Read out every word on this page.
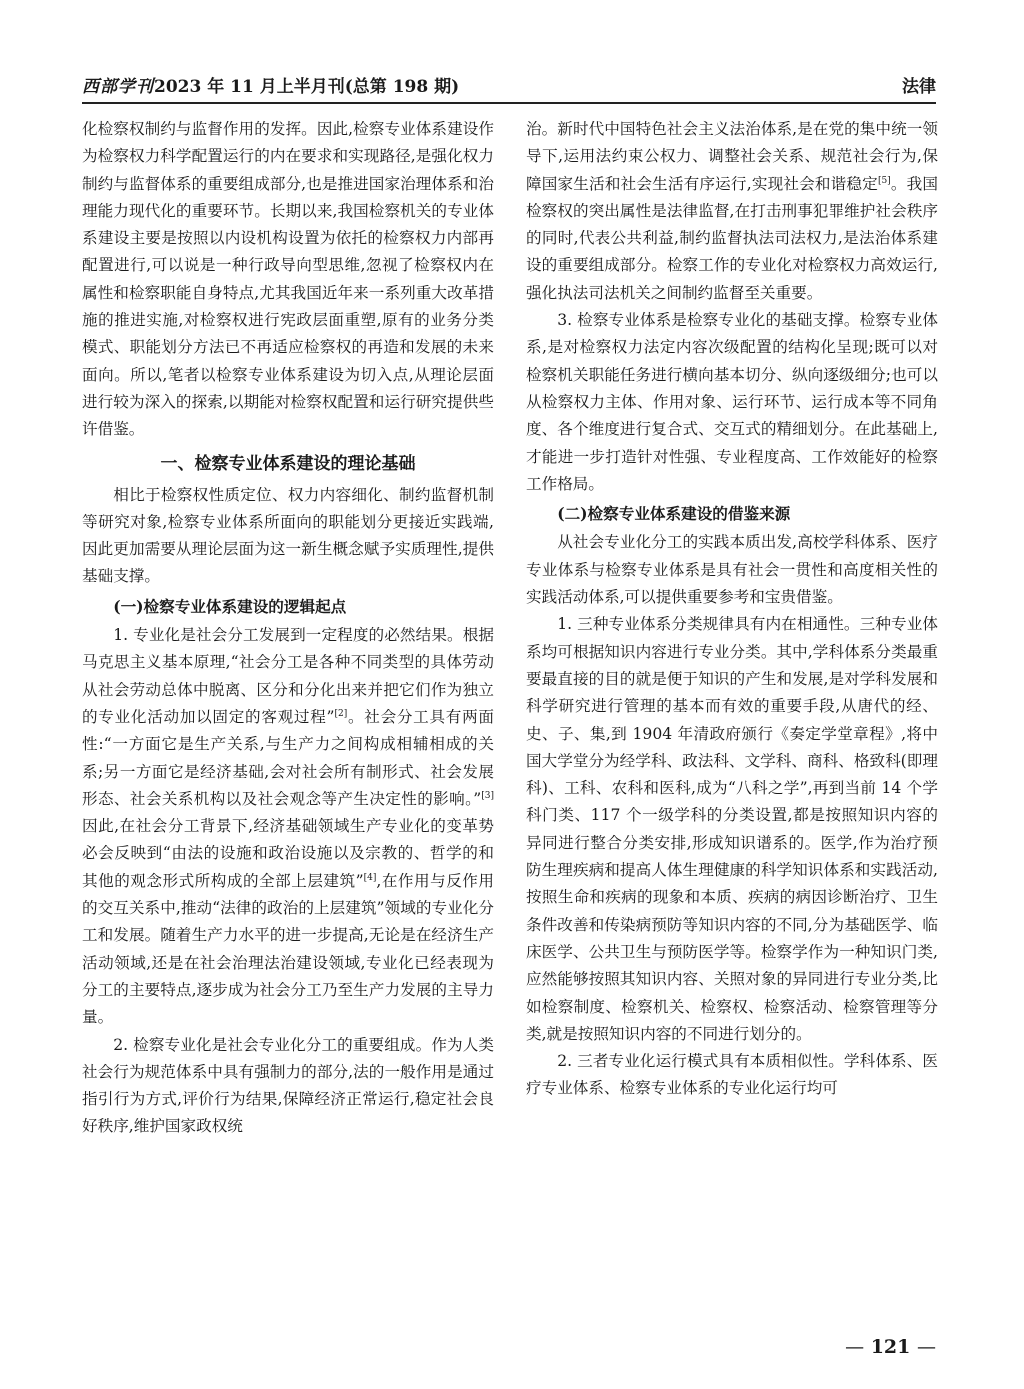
西部学刊2023 年 11 月上半月刊(总第 198 期)	法律

化检察权制约与监督作用的发挥。因此,检察专业体系建设作为检察权力科学配置运行的内在要求和实现路径,是强化权力制约与监督体系的重要组成部分,也是推进国家治理体系和治理能力现代化的重要环节。长期以来,我国检察机关的专业体系建设主要是按照以内设机构设置为依托的检察权力内部再配置进行,可以说是一种行政导向型思维,忽视了检察权内在属性和检察职能自身特点,尤其我国近年来一系列重大改革措施的推进实施,对检察权进行宪政层面重塑,原有的业务分类模式、职能划分方法已不再适应检察权的再造和发展的未来面向。所以,笔者以检察专业体系建设为切入点,从理论层面进行较为深入的探索,以期能对检察权配置和运行研究提供些许借鉴。

一、检察专业体系建设的理论基础

相比于检察权性质定位、权力内容细化、制约监督机制等研究对象,检察专业体系所面向的职能划分更接近实践端,因此更加需要从理论层面为这一新生概念赋予实质理性,提供基础支撑。

(一)检察专业体系建设的逻辑起点

1. 专业化是社会分工发展到一定程度的必然结果。根据马克思主义基本原理,“社会分工是各种不同类型的具体劳动从社会劳动总体中脱离、区分和分化出来并把它们作为独立的专业化活动加以固定的客观过程”[2]。社会分工具有两面性:“一方面它是生产关系,与生产力之间构成相辅相成的关系;另一方面它是经济基础,会对社会所有制形式、社会发展形态、社会关系机构以及社会观念等产生决定性的影响。”[3]因此,在社会分工背景下,经济基础领域生产专业化的变革势必会反映到“由法的设施和政治设施以及宗教的、哲学的和其他的观念形式所构成的全部上层建筑”[4],在作用与反作用的交互关系中,推动“法律的政治的上层建筑”领域的专业化分工和发展。随着生产力水平的进一步提高,无论是在经济生产活动领域,还是在社会治理法治建设领域,专业化已经表现为分工的主要特点,逐步成为社会分工乃至生产力发展的主导力量。

2. 检察专业化是社会专业化分工的重要组成。作为人类社会行为规范体系中具有强制力的部分,法的一般作用是通过指引行为方式,评价行为结果,保障经济正常运行,稳定社会良好秩序,维护国家政权统

治。新时代中国特色社会主义法治体系,是在党的集中统一领导下,运用法约束公权力、调整社会关系、规范社会行为,保障国家生活和社会生活有序运行,实现社会和谐稳定[5]。我国检察权的突出属性是法律监督,在打击刑事犯罪维护社会秩序的同时,代表公共利益,制约监督执法司法权力,是法治体系建设的重要组成部分。检察工作的专业化对检察权力高效运行,强化执法司法机关之间制约监督至关重要。

3. 检察专业体系是检察专业化的基础支撑。检察专业体系,是对检察权力法定内容次级配置的结构化呈现;既可以对检察机关职能任务进行横向基本切分、纵向逐级细分;也可以从检察权力主体、作用对象、运行环节、运行成本等不同角度、各个维度进行复合式、交互式的精细划分。在此基础上,才能进一步打造针对性强、专业程度高、工作效能好的检察工作格局。

(二)检察专业体系建设的借鉴来源

从社会专业化分工的实践本质出发,高校学科体系、医疗专业体系与检察专业体系是具有社会一贯性和高度相关性的实践活动体系,可以提供重要参考和宝贵借鉴。

1. 三种专业体系分类规律具有内在相通性。三种专业体系均可根据知识内容进行专业分类。其中,学科体系分类最重要最直接的目的就是便于知识的产生和发展,是对学科发展和科学研究进行管理的基本而有效的重要手段,从唐代的经、史、子、集,到 1904 年清政府颁行《奏定学堂章程》,将中国大学堂分为经学科、政法科、文学科、商科、格致科(即理科)、工科、农科和医科,成为“八科之学”,再到当前 14 个学科门类、117 个一级学科的分类设置,都是按照知识内容的异同进行整合分类安排,形成知识谱系的。医学,作为治疗预防生理疾病和提高人体生理健康的科学知识体系和实践活动,按照生命和疾病的现象和本质、疾病的病因诊断治疗、卫生条件改善和传染病预防等知识内容的不同,分为基础医学、临床医学、公共卫生与预防医学等。检察学作为一种知识门类,应然能够按照其知识内容、关照对象的异同进行专业分类,比如检察制度、检察机关、检察权、检察活动、检察管理等分类,就是按照知识内容的不同进行划分的。

2. 三者专业化运行模式具有本质相似性。学科体系、医疗专业体系、检察专业体系的专业化运行均可

— 121 —
